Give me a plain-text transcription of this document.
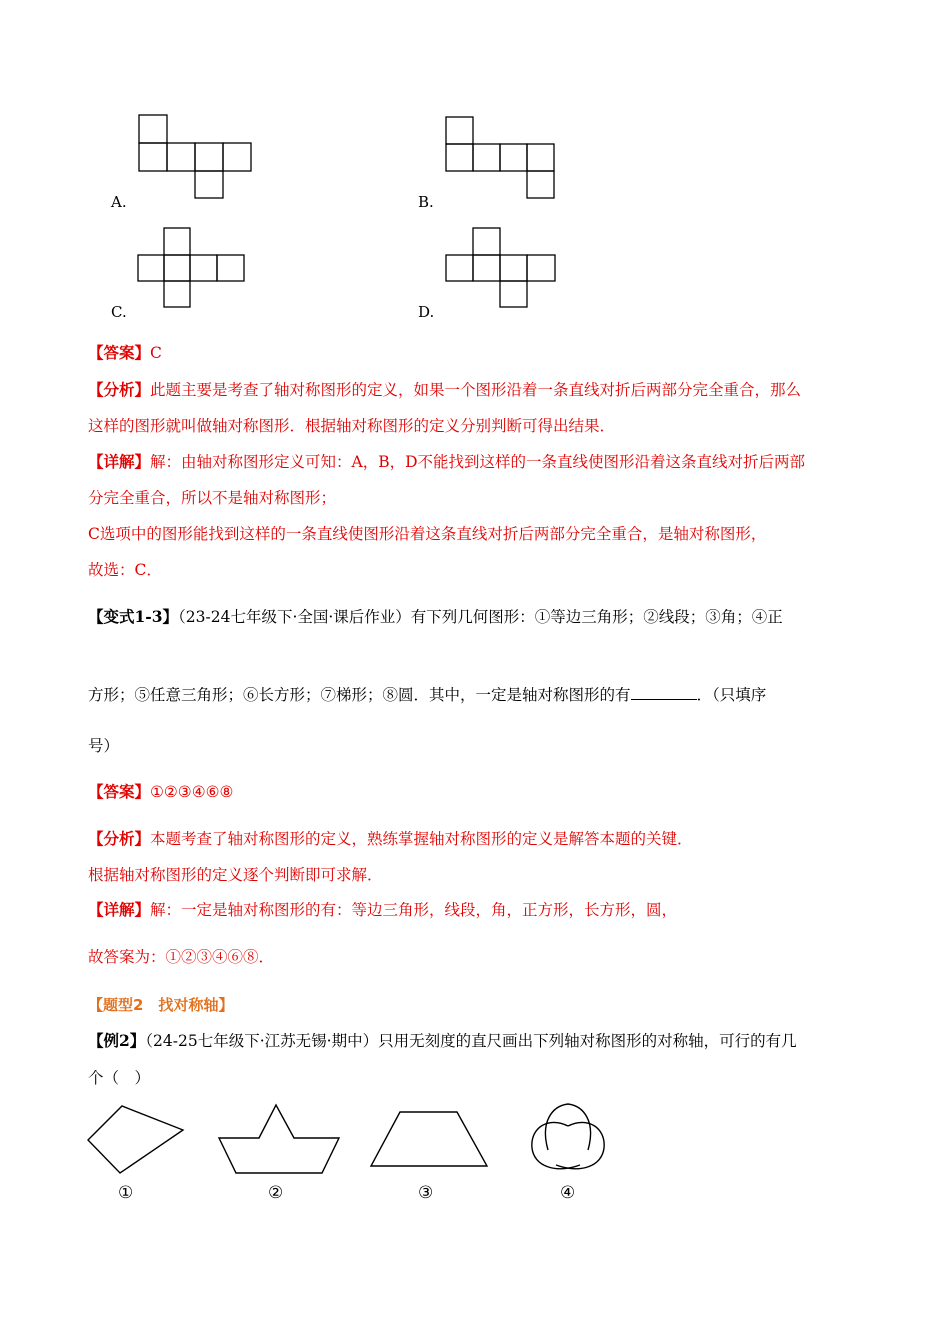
A.	B.
C.	D.
【答案】C
【分析】此题主要是考查了轴对称图形的定义，如果一个图形沿着一条直线对折后两部分完全重合，那么
这样的图形就叫做轴对称图形．根据轴对称图形的定义分别判断可得出结果．
【详解】解：由轴对称图形定义可知：A，B，D不能找到这样的一条直线使图形沿着这条直线对折后两部
分完全重合，所以不是轴对称图形；
C选项中的图形能找到这样的一条直线使图形沿着这条直线对折后两部分完全重合，是轴对称图形，
故选：C．
【变式1-3】（23-24七年级下·全国·课后作业）有下列几何图形：①等边三角形；②线段；③角；④正
方形；⑤任意三角形；⑥长方形；⑦梯形；⑧圆．其中，一定是轴对称图形的有	．（只填序
号）
【答案】①②③④⑥⑧
【分析】本题考查了轴对称图形的定义，熟练掌握轴对称图形的定义是解答本题的关键．
根据轴对称图形的定义逐个判断即可求解．
【详解】解：一定是轴对称图形的有：等边三角形，线段，角，正方形，长方形，圆，
故答案为：①②③④⑥⑧．
【题型2　找对称轴】
【例2】（24-25七年级下·江苏无锡·期中）只用无刻度的直尺画出下列轴对称图形的对称轴，可行的有几
个（　）
①	②	③	④
